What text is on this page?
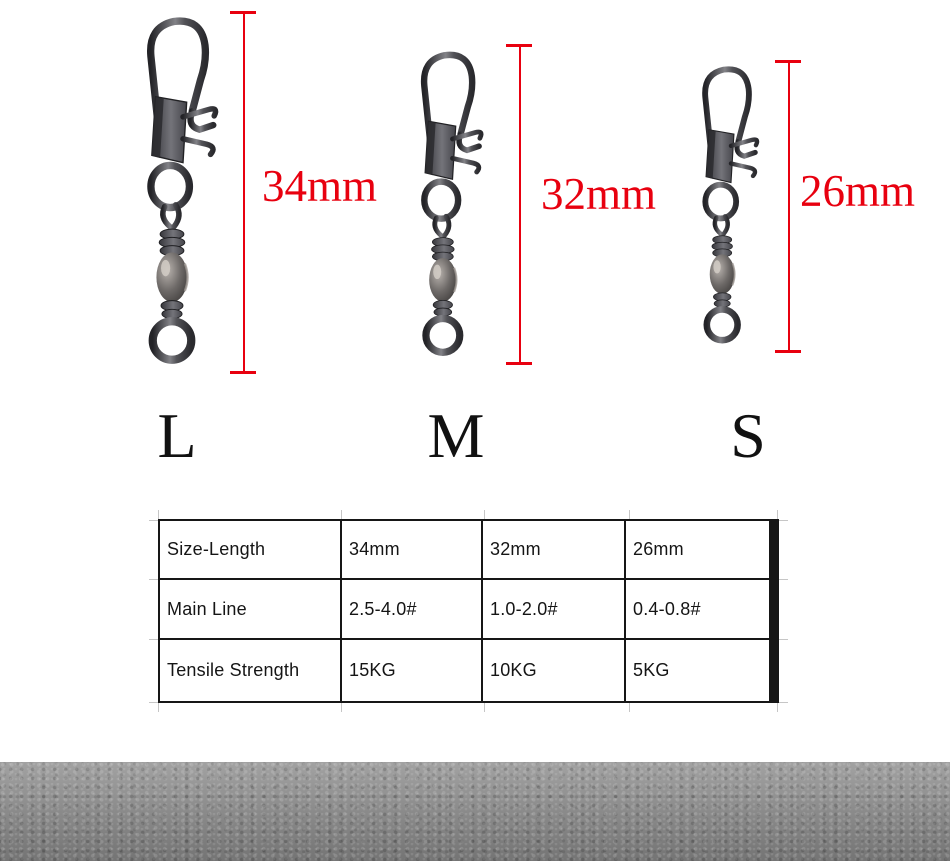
34mm	32mm	26mm
L	M	S
Size-Length	34mm	32mm	26mm
Main Line	2.5-4.0#	1.0-2.0#	0.4-0.8#
Tensile Strength	15KG	10KG	5KG
